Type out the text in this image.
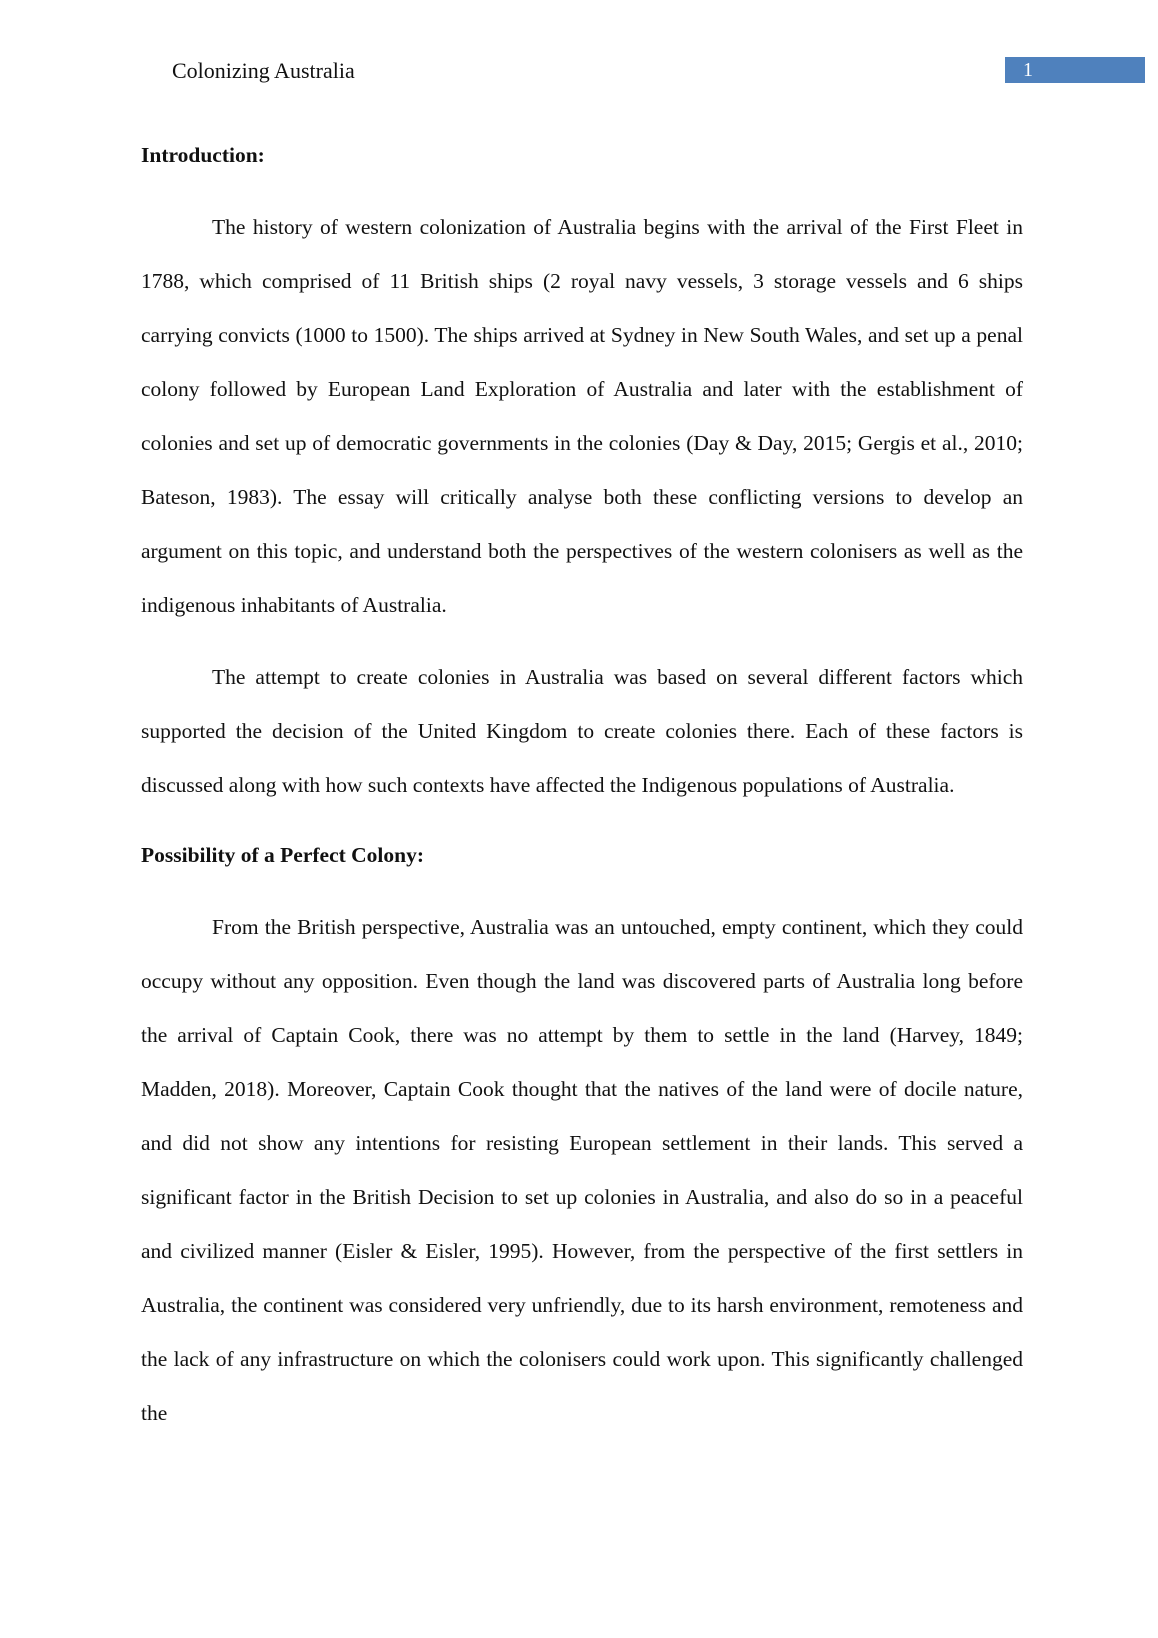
Colonizing Australia	1

Introduction:

The history of western colonization of Australia begins with the arrival of the First Fleet in 1788, which comprised of 11 British ships (2 royal navy vessels, 3 storage vessels and 6 ships carrying convicts (1000 to 1500). The ships arrived at Sydney in New South Wales, and set up a penal colony followed by European Land Exploration of Australia and later with the establishment of colonies and set up of democratic governments in the colonies (Day & Day, 2015; Gergis et al., 2010; Bateson, 1983). The essay will critically analyse both these conflicting versions to develop an argument on this topic, and understand both the perspectives of the western colonisers as well as the indigenous inhabitants of Australia.

The attempt to create colonies in Australia was based on several different factors which supported the decision of the United Kingdom to create colonies there. Each of these factors is discussed along with how such contexts have affected the Indigenous populations of Australia.

Possibility of a Perfect Colony:

From the British perspective, Australia was an untouched, empty continent, which they could occupy without any opposition. Even though the land was discovered parts of Australia long before the arrival of Captain Cook, there was no attempt by them to settle in the land (Harvey, 1849; Madden, 2018). Moreover, Captain Cook thought that the natives of the land were of docile nature, and did not show any intentions for resisting European settlement in their lands. This served a significant factor in the British Decision to set up colonies in Australia, and also do so in a peaceful and civilized manner (Eisler & Eisler, 1995). However, from the perspective of the first settlers in Australia, the continent was considered very unfriendly, due to its harsh environment, remoteness and the lack of any infrastructure on which the colonisers could work upon. This significantly challenged the
